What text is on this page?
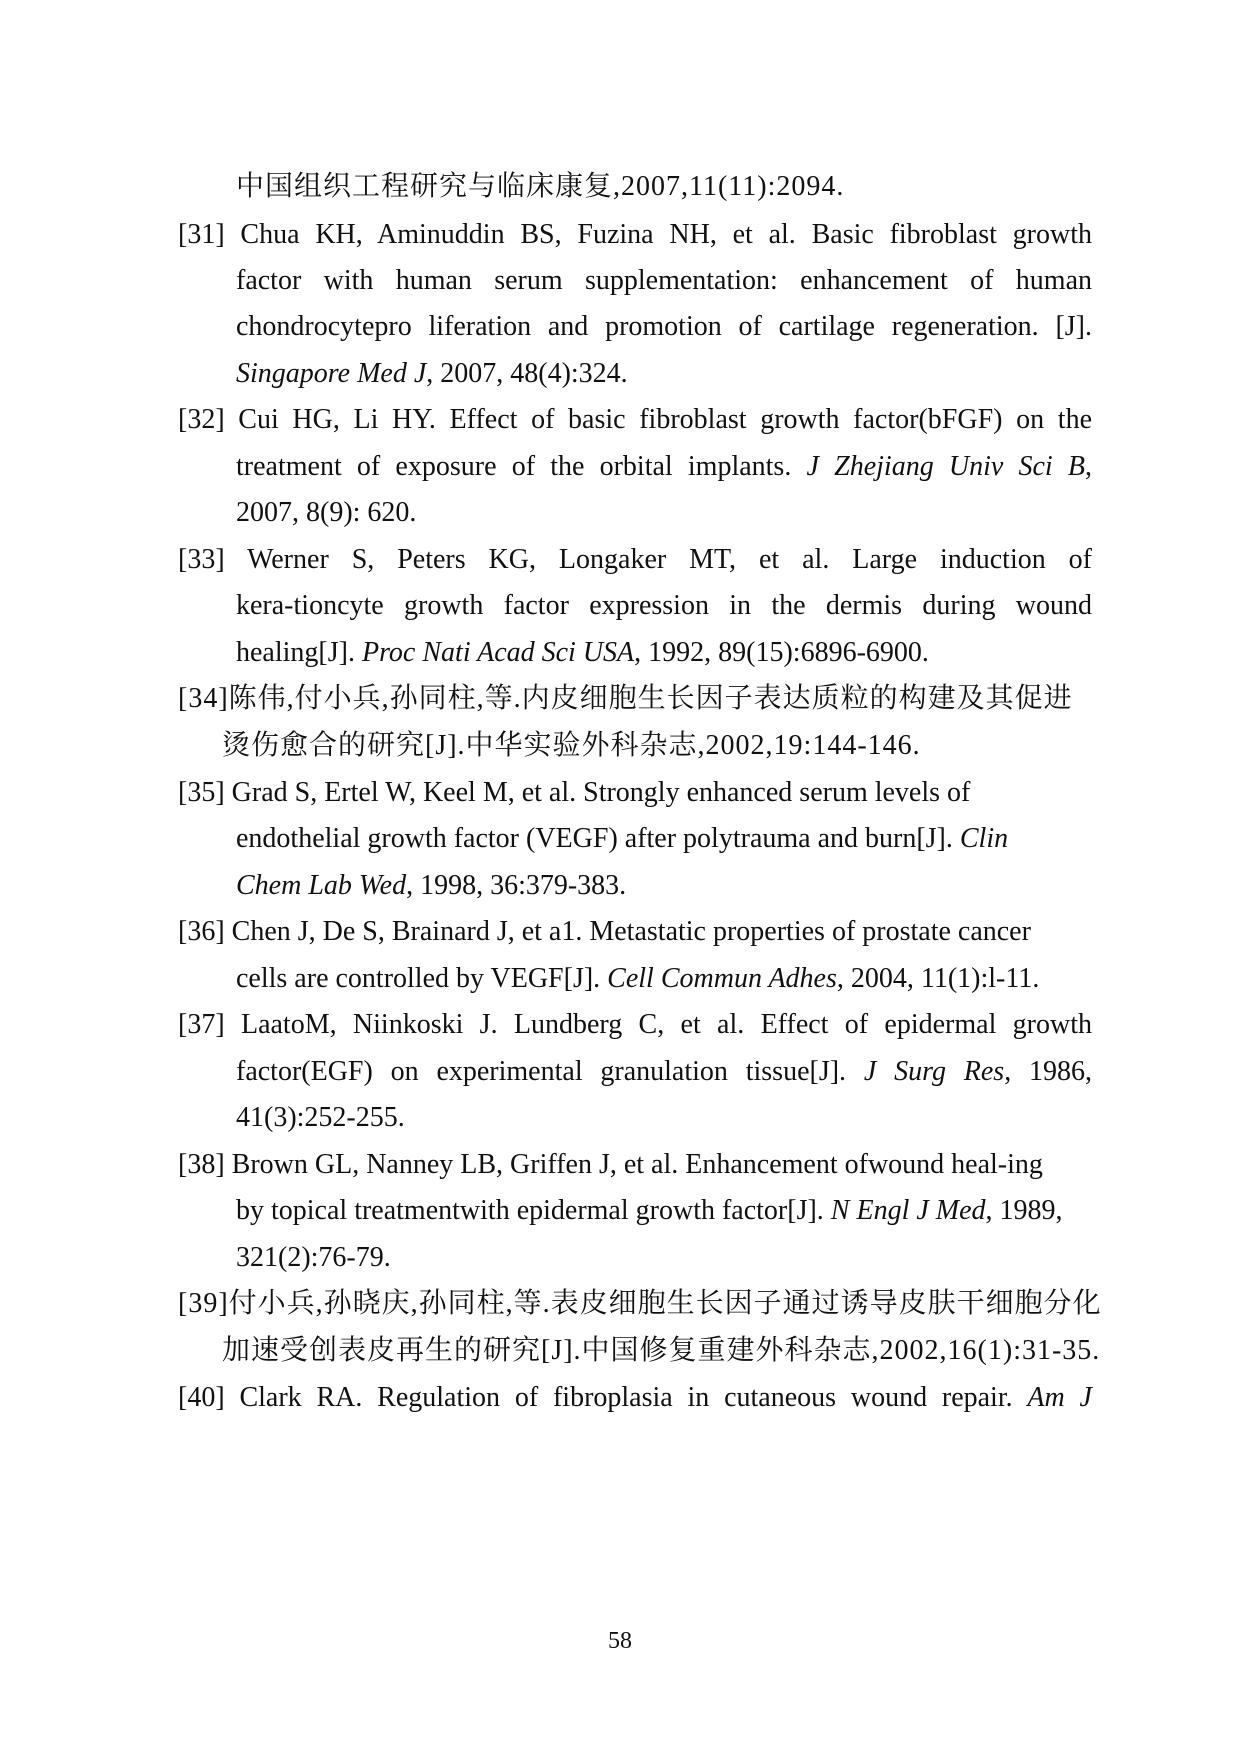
中国组织工程研究与临床康复,2007,11(11):2094.
[31] Chua KH, Aminuddin BS, Fuzina NH, et al. Basic fibroblast growth
factor with human serum supplementation: enhancement of human
chondrocytepro liferation and promotion of cartilage regeneration. [J].
Singapore Med J, 2007, 48(4):324.
[32] Cui HG, Li HY. Effect of basic fibroblast growth factor(bFGF) on the
treatment of exposure of the orbital implants. J Zhejiang Univ Sci B,
2007, 8(9): 620.
[33] Werner S, Peters KG, Longaker MT, et al. Large induction of
kera-tioncyte growth factor expression in the dermis during wound
healing[J]. Proc Nati Acad Sci USA, 1992, 89(15):6896-6900.
[34]陈伟,付小兵,孙同柱,等.内皮细胞生长因子表达质粒的构建及其促进
烫伤愈合的研究[J].中华实验外科杂志,2002,19:144-146.
[35] Grad S, Ertel W, Keel M, et al. Strongly enhanced serum levels of
endothelial growth factor (VEGF) after polytrauma and burn[J]. Clin
Chem Lab Wed, 1998, 36:379-383.
[36] Chen J, De S, Brainard J, et a1. Metastatic properties of prostate cancer
cells are controlled by VEGF[J]. Cell Commun Adhes, 2004, 11(1):l-11.
[37] LaatoM, Niinkoski J. Lundberg C, et al. Effect of epidermal growth
factor(EGF) on experimental granulation tissue[J]. J Surg Res, 1986,
41(3):252-255.
[38] Brown GL, Nanney LB, Griffen J, et al. Enhancement ofwound heal-ing
by topical treatmentwith epidermal growth factor[J]. N Engl J Med, 1989,
321(2):76-79.
[39]付小兵,孙晓庆,孙同柱,等.表皮细胞生长因子通过诱导皮肤干细胞分化
加速受创表皮再生的研究[J].中国修复重建外科杂志,2002,16(1):31-35.
[40] Clark RA. Regulation of fibroplasia in cutaneous wound repair. Am J
58
